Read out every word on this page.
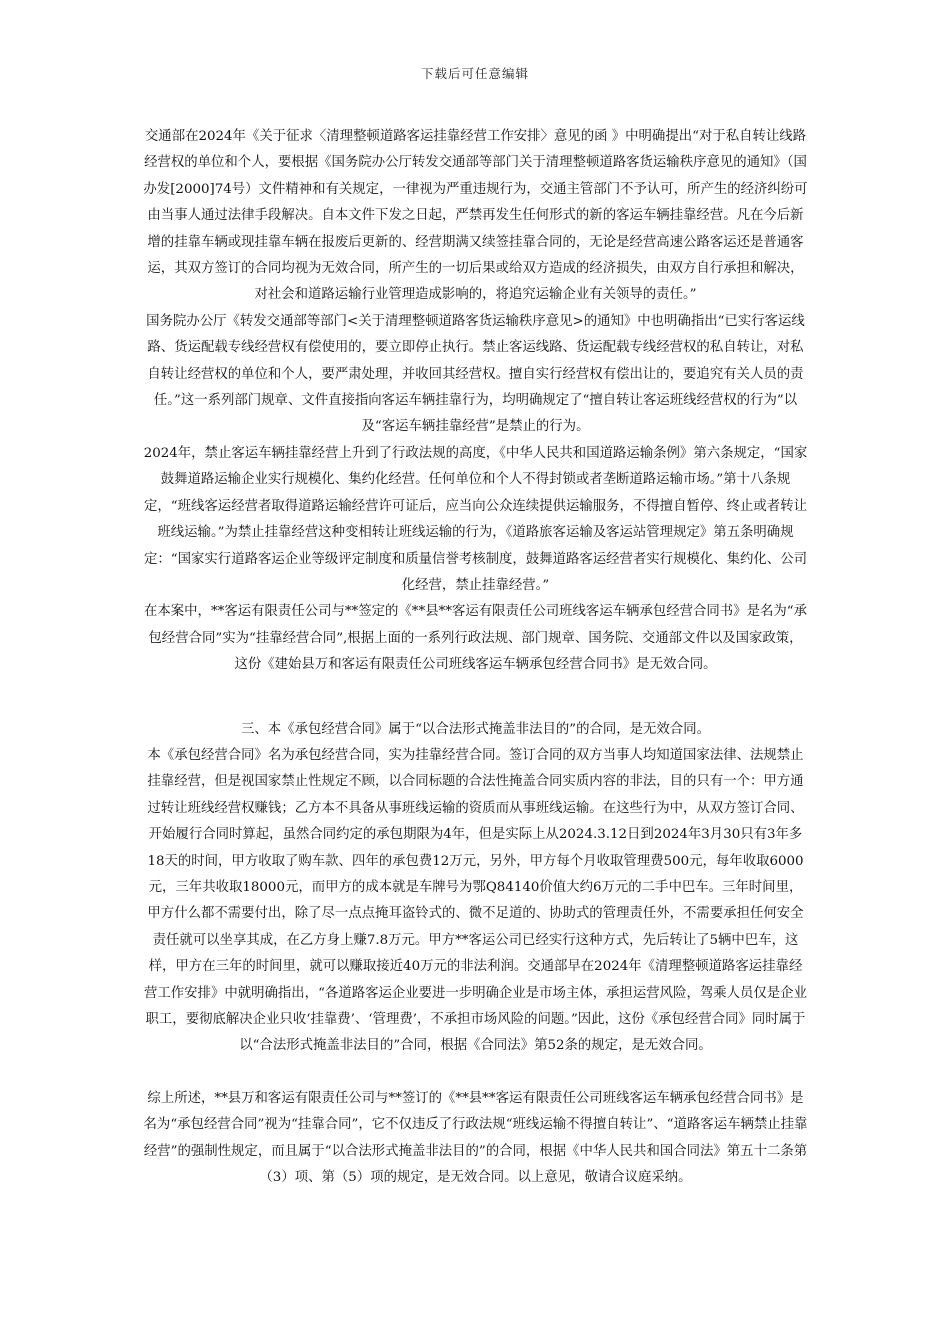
下载后可任意编辑

交通部在2024年《关于征求〈清理整顿道路客运挂靠经营工作安排〉意见的函 》中明确提出“对于私自转让线路经营权的单位和个人，要根据《国务院办公厅转发交通部等部门关于清理整顿道路客货运输秩序意见的通知》（国办发[2000]74号）文件精神和有关规定，一律视为严重违规行为，交通主管部门不予认可，所产生的经济纠纷可由当事人通过法律手段解决。自本文件下发之日起，严禁再发生任何形式的新的客运车辆挂靠经营。凡在今后新增的挂靠车辆或现挂靠车辆在报废后更新的、经营期满又续签挂靠合同的，无论是经营高速公路客运还是普通客运，其双方签订的合同均视为无效合同，所产生的一切后果或给双方造成的经济损失，由双方自行承担和解决，对社会和道路运输行业管理造成影响的，将追究运输企业有关领导的责任。”

国务院办公厅《转发交通部等部门<关于清理整顿道路客货运输秩序意见>的通知》中也明确指出“已实行客运线路、货运配载专线经营权有偿使用的，要立即停止执行。禁止客运线路、货运配载专线经营权的私自转让，对私自转让经营权的单位和个人，要严肃处理，并收回其经营权。擅自实行经营权有偿出让的，要追究有关人员的责任。”这一系列部门规章、文件直接指向客运车辆挂靠行为，均明确规定了“擅自转让客运班线经营权的行为”以及“客运车辆挂靠经营”是禁止的行为。

2024年，禁止客运车辆挂靠经营上升到了行政法规的高度，《中华人民共和国道路运输条例》第六条规定，“国家鼓舞道路运输企业实行规模化、集约化经营。任何单位和个人不得封锁或者垄断道路运输市场。”第十八条规定，“班线客运经营者取得道路运输经营许可证后，应当向公众连续提供运输服务，不得擅自暂停、终止或者转让班线运输。”为禁止挂靠经营这种变相转让班线运输的行为，《道路旅客运输及客运站管理规定》第五条明确规定：“国家实行道路客运企业等级评定制度和质量信誉考核制度，鼓舞道路客运经营者实行规模化、集约化、公司化经营，禁止挂靠经营。”

在本案中，**客运有限责任公司与**签定的《**县**客运有限责任公司班线客运车辆承包经营合同书》是名为“承包经营合同”实为“挂靠经营合同”,根据上面的一系列行政法规、部门规章、国务院、交通部文件以及国家政策，这份《建始县万和客运有限责任公司班线客运车辆承包经营合同书》是无效合同。

三、本《承包经营合同》属于“以合法形式掩盖非法目的”的合同，是无效合同。

本《承包经营合同》名为承包经营合同，实为挂靠经营合同。签订合同的双方当事人均知道国家法律、法规禁止挂靠经营，但是视国家禁止性规定不顾，以合同标题的合法性掩盖合同实质内容的非法，目的只有一个：甲方通过转让班线经营权赚钱；乙方本不具备从事班线运输的资质而从事班线运输。在这些行为中，从双方签订合同、开始履行合同时算起，虽然合同约定的承包期限为4年，但是实际上从2024.3.12日到2024年3月30只有3年多18天的时间，甲方收取了购车款、四年的承包费12万元，另外，甲方每个月收取管理费500元，每年收取6000元，三年共收取18000元，而甲方的成本就是车牌号为鄂Q84140价值大约6万元的二手中巴车。三年时间里，甲方什么都不需要付出，除了尽一点点掩耳盗铃式的、微不足道的、协助式的管理责任外，不需要承担任何安全责任就可以坐享其成，在乙方身上赚7.8万元。甲方**客运公司已经实行这种方式，先后转让了5辆中巴车，这样，甲方在三年的时间里，就可以赚取接近40万元的非法利润。交通部早在2024年《清理整顿道路客运挂靠经营工作安排》中就明确指出，“各道路客运企业要进一步明确企业是市场主体，承担运营风险，驾乘人员仅是企业职工，要彻底解决企业只收‘挂靠费’、‘管理费’，不承担市场风险的问题。”因此，这份《承包经营合同》同时属于以“合法形式掩盖非法目的”合同，根据《合同法》第52条的规定，是无效合同。

综上所述，**县万和客运有限责任公司与**签订的《**县**客运有限责任公司班线客运车辆承包经营合同书》是名为“承包经营合同”视为“挂靠合同”，它不仅违反了行政法规“班线运输不得擅自转让”、“道路客运车辆禁止挂靠经营”的强制性规定，而且属于“以合法形式掩盖非法目的”的合同，根据《中华人民共和国合同法》第五十二条第（3）项、第（5）项的规定，是无效合同。以上意见，敬请合议庭采纳。
